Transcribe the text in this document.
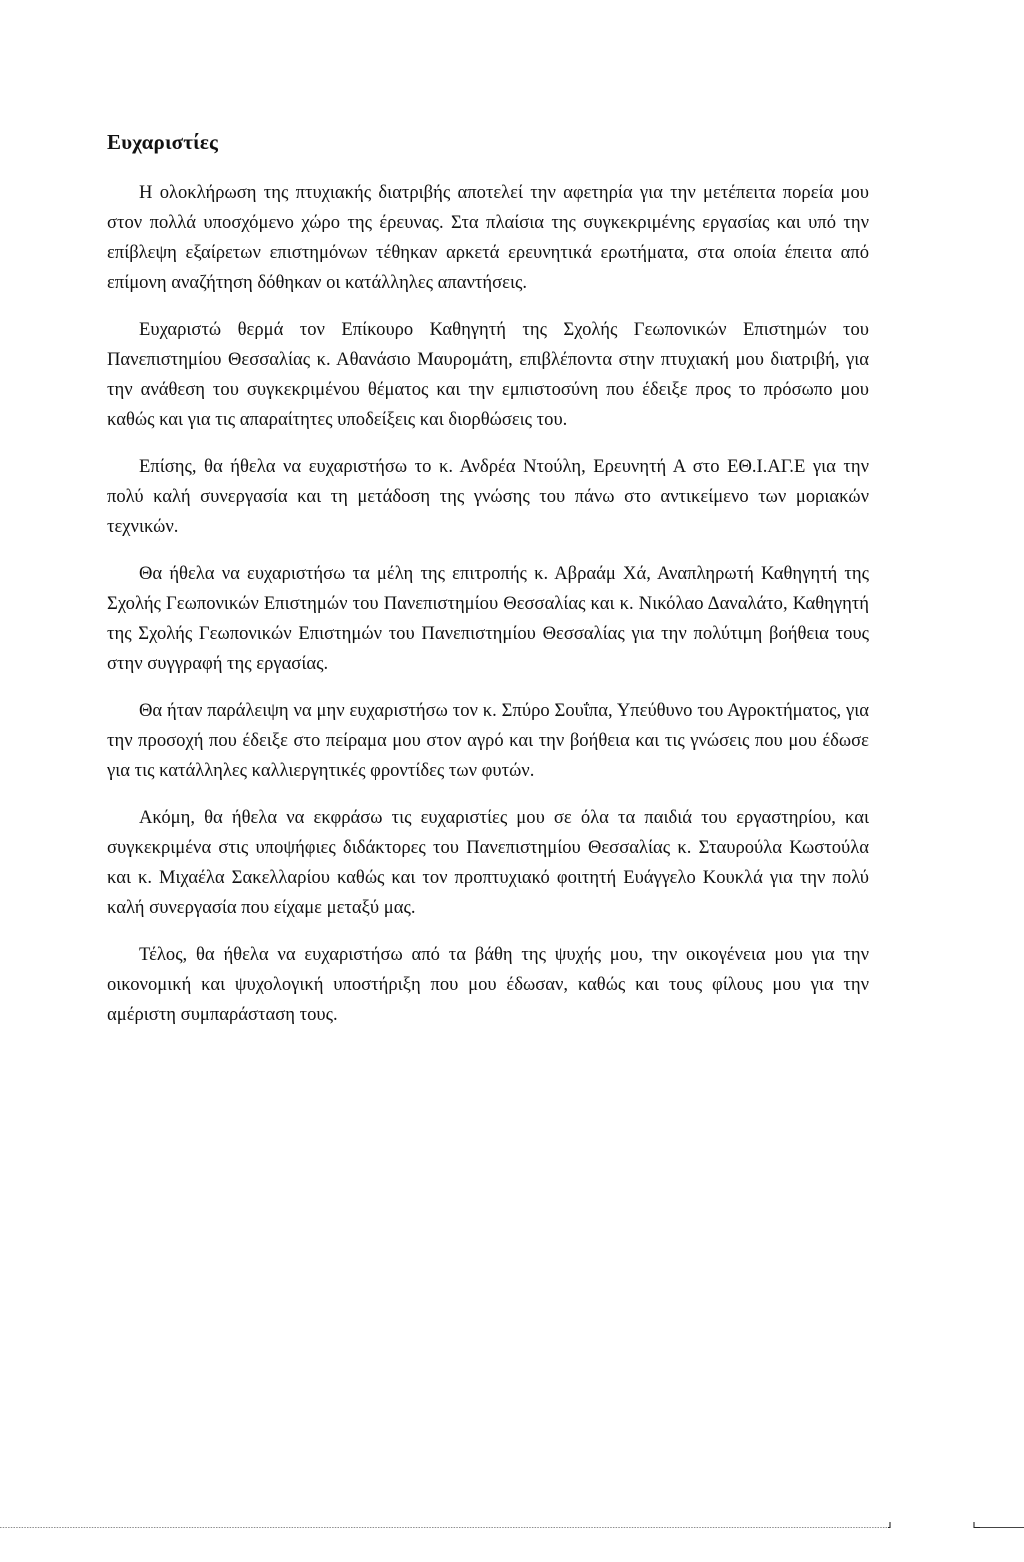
Ευχαριστίες

Η ολοκλήρωση της πτυχιακής διατριβής αποτελεί την αφετηρία για την μετέπειτα πορεία μου στον πολλά υποσχόμενο χώρο της έρευνας. Στα πλαίσια της συγκεκριμένης εργασίας και υπό την επίβλεψη εξαίρετων επιστημόνων τέθηκαν αρκετά ερευνητικά ερωτήματα, στα οποία έπειτα από επίμονη αναζήτηση δόθηκαν οι κατάλληλες απαντήσεις.

Ευχαριστώ θερμά τον Επίκουρο Καθηγητή της Σχολής Γεωπονικών Επιστημών του Πανεπιστημίου Θεσσαλίας κ. Αθανάσιο Μαυρομάτη, επιβλέποντα στην πτυχιακή μου διατριβή, για την ανάθεση του συγκεκριμένου θέματος και την εμπιστοσύνη που έδειξε προς το πρόσωπο μου καθώς και για τις απαραίτητες υποδείξεις και διορθώσεις του.

Επίσης, θα ήθελα να ευχαριστήσω το κ. Ανδρέα Ντούλη, Ερευνητή Α στο ΕΘ.Ι.ΑΓ.Ε για την πολύ καλή συνεργασία και τη μετάδοση της γνώσης του πάνω στο αντικείμενο των μοριακών τεχνικών.

Θα ήθελα να ευχαριστήσω τα μέλη της επιτροπής κ. Αβραάμ Χά, Αναπληρωτή Καθηγητή της Σχολής Γεωπονικών Επιστημών του Πανεπιστημίου Θεσσαλίας και κ. Νικόλαο Δαναλάτο, Καθηγητή της Σχολής Γεωπονικών Επιστημών του Πανεπιστημίου Θεσσαλίας για την πολύτιμη βοήθεια τους στην συγγραφή της εργασίας.

Θα ήταν παράλειψη να μην ευχαριστήσω τον κ. Σπύρο Σουΐπα, Υπεύθυνο του Αγροκτήματος, για την προσοχή που έδειξε στο πείραμα μου στον αγρό και την βοήθεια και τις γνώσεις που μου έδωσε για τις κατάλληλες καλλιεργητικές φροντίδες των φυτών.

Ακόμη, θα ήθελα να εκφράσω τις ευχαριστίες μου σε όλα τα παιδιά του εργαστηρίου, και συγκεκριμένα στις υποψήφιες διδάκτορες του Πανεπιστημίου Θεσσαλίας κ. Σταυρούλα Κωστούλα και κ. Μιχαέλα Σακελλαρίου καθώς και τον προπτυχιακό φοιτητή Ευάγγελο Κουκλά για την πολύ καλή συνεργασία που είχαμε μεταξύ μας.

Τέλος, θα ήθελα να ευχαριστήσω από τα βάθη της ψυχής μου, την οικογένεια μου για την οικονομική και ψυχολογική υποστήριξη που μου έδωσαν, καθώς και τους φίλους μου για την αμέριστη συμπαράσταση τους.
